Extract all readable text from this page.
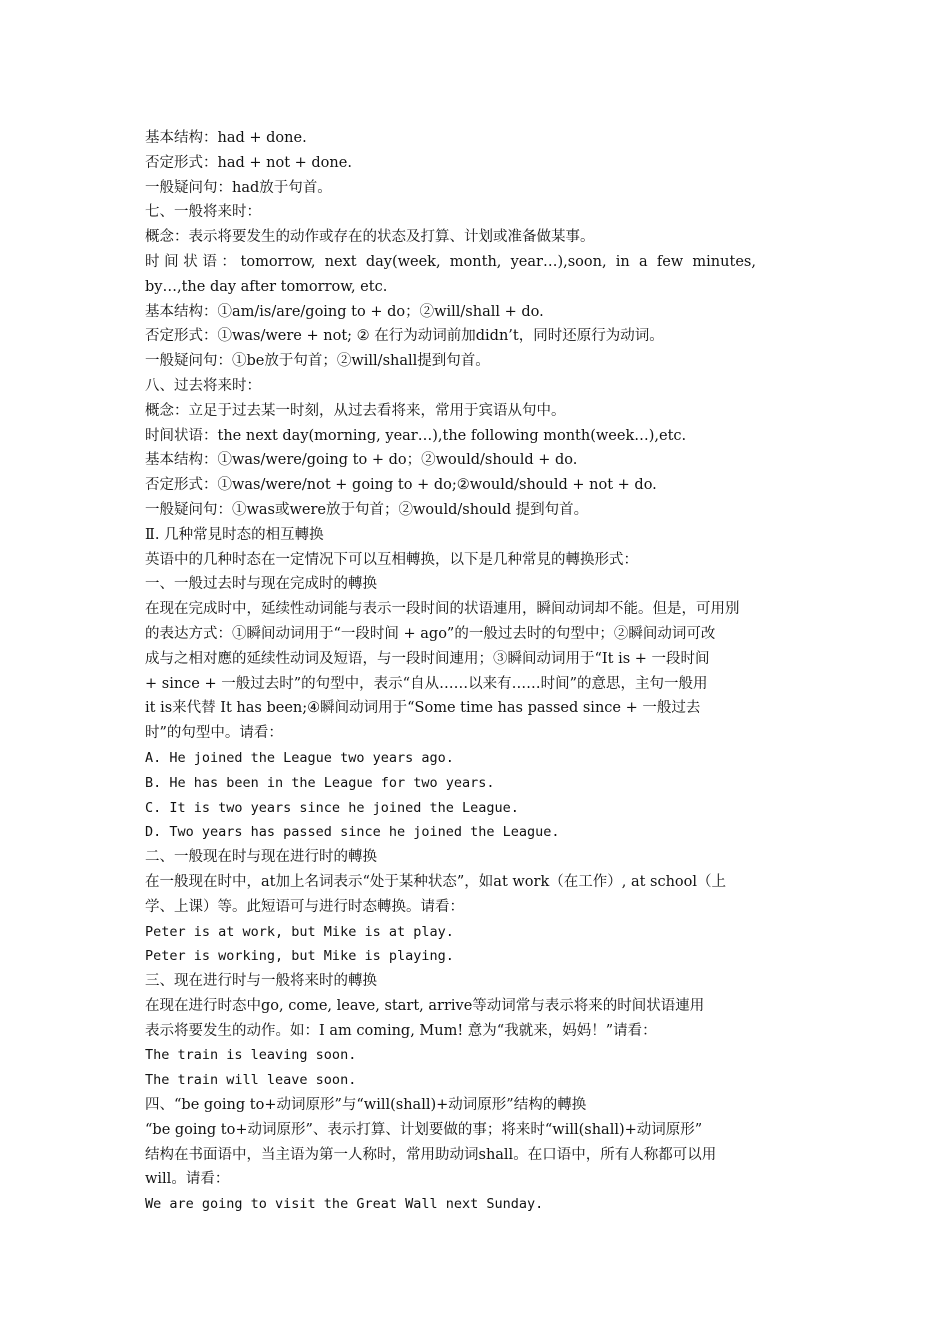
基本结构：had + done.

否定形式：had + not + done.

一般疑问句：had放于句首。

七、一般将来时：

概念：表示将要发生的动作或存在的状态及打算、计划或准备做某事。

时 间 状 语 ： tomorrow,  next  day(week,  month,  year…),soon,  in  a  few  minutes,

by…,the day after tomorrow, etc.

基本结构：①am/is/are/going to + do；②will/shall + do.

否定形式：①was/were + not; ② 在行为动词前加didn’t，同时还原行为动词。

一般疑问句：①be放于句首；②will/shall提到句首。

八、过去将来时：

概念：立足于过去某一时刻，从过去看将来，常用于宾语从句中。

时间状语：the next day(morning, year…),the following month(week…),etc.

基本结构：①was/were/going to + do；②would/should + do.

否定形式：①was/were/not + going to + do;②would/should + not + do.

一般疑问句：①was或were放于句首；②would/should 提到句首。

Ⅱ. 几种常見时态的相互轉换

英语中的几种时态在一定情况下可以互相轉换，以下是几种常見的轉换形式：

一、一般过去时与现在完成时的轉换

在现在完成时中，延续性动词能与表示一段时间的状语連用，瞬间动词却不能。但是，可用別

的表达方式：①瞬间动词用于“一段时间 + ago”的一般过去时的句型中；②瞬间动词可改

成与之相对應的延续性动词及短语，与一段时间連用；③瞬间动词用于“It is + 一段时间

+ since + 一般过去时”的句型中，表示“自从……以来有……时间”的意思，主句一般用

it is来代替 It has been;④瞬间动词用于“Some time has passed since + 一般过去

时”的句型中。请看：

A. He joined the League two years ago.

B. He has been in the League for two years.

C. It is two years since he joined the League.

D. Two years has passed since he joined the League.

二、一般现在时与现在进行时的轉换

在一般现在时中，at加上名词表示“处于某种状态”，如at work（在工作）, at school（上

学、上课）等。此短语可与进行时态轉换。请看：

Peter is at work, but Mike is at play.

Peter is working, but Mike is playing.

三、现在进行时与一般将来时的轉换

在现在进行时态中go, come, leave, start, arrive等动词常与表示将来的时间状语連用

表示将要发生的动作。如：I am coming, Mum! 意为“我就来，妈妈！”请看：

The train is leaving soon.

The train will leave soon.

四、“be going to+动词原形”与“will(shall)+动词原形”结构的轉换

“be going to+动词原形”、表示打算、计划要做的事；将来时“will(shall)+动词原形”

结构在书面语中，当主语为第一人称时，常用助动词shall。在口语中，所有人称都可以用

will。请看：

We are going to visit the Great Wall next Sunday.
